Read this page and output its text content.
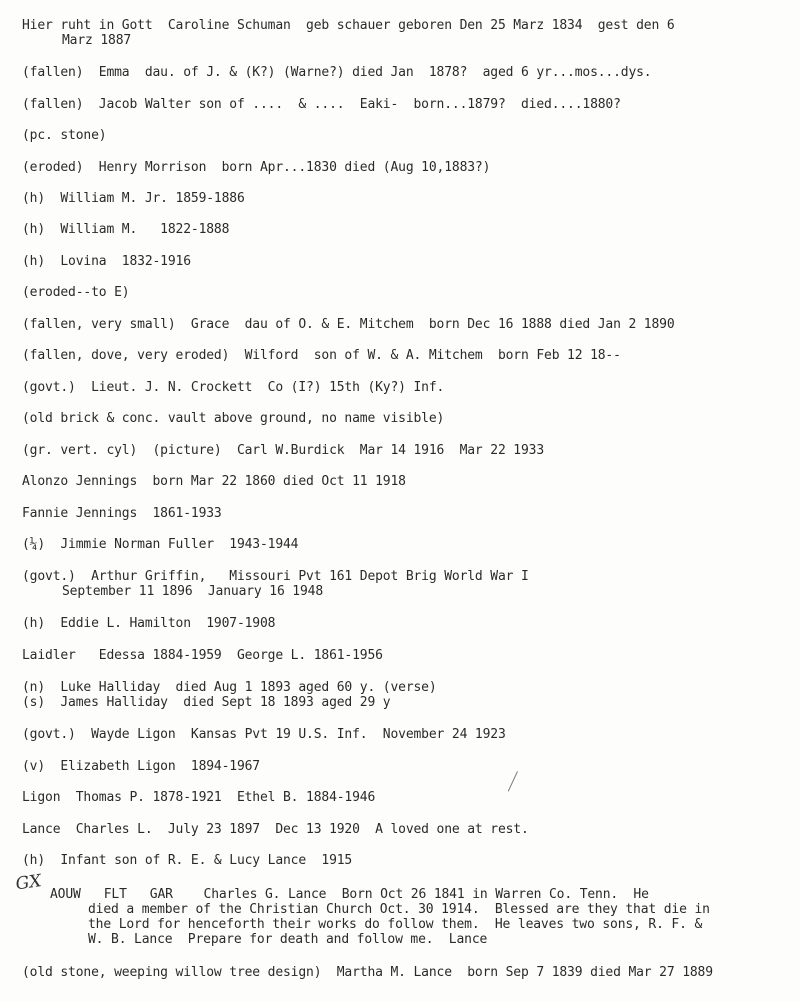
Hier ruht in Gott  Caroline Schuman  geb schauer geboren Den 25 Marz 1834  gest den 6
Marz 1887
(fallen)  Emma  dau. of J. & (K?) (Warne?) died Jan  1878?  aged 6 yr...mos...dys.
(fallen)  Jacob Walter son of ....  & ....  Eaki-  born...1879?  died....1880?
(pc. stone)
(eroded)  Henry Morrison  born Apr...1830 died (Aug 10,1883?)
(h)  William M. Jr. 1859-1886
(h)  William M.   1822-1888
(h)  Lovina  1832-1916
(eroded--to E)
(fallen, very small)  Grace  dau of O. & E. Mitchem  born Dec 16 1888 died Jan 2 1890
(fallen, dove, very eroded)  Wilford  son of W. & A. Mitchem  born Feb 12 18--
(govt.)  Lieut. J. N. Crockett  Co (I?) 15th (Ky?) Inf.
(old brick & conc. vault above ground, no name visible)
(gr. vert. cyl)  (picture)  Carl W.Burdick  Mar 14 1916  Mar 22 1933
Alonzo Jennings  born Mar 22 1860 died Oct 11 1918
Fannie Jennings  1861-1933
(¼)  Jimmie Norman Fuller  1943-1944
(govt.)  Arthur Griffin,   Missouri Pvt 161 Depot Brig World War I
September 11 1896  January 16 1948
(h)  Eddie L. Hamilton  1907-1908
Laidler   Edessa 1884-1959  George L. 1861-1956
(n)  Luke Halliday  died Aug 1 1893 aged 60 y. (verse)
(s)  James Halliday  died Sept 18 1893 aged 29 y
(govt.)  Wayde Ligon  Kansas Pvt 19 U.S. Inf.  November 24 1923
(v)  Elizabeth Ligon  1894-1967
Ligon  Thomas P. 1878-1921  Ethel B. 1884-1946
Lance  Charles L.  July 23 1897  Dec 13 1920  A loved one at rest.
(h)  Infant son of R. E. & Lucy Lance  1915
GX
AOUW   FLT   GAR    Charles G. Lance  Born Oct 26 1841 in Warren Co. Tenn.  He
died a member of the Christian Church Oct. 30 1914.  Blessed are they that die in
the Lord for henceforth their works do follow them.  He leaves two sons, R. F. &
W. B. Lance  Prepare for death and follow me.  Lance
(old stone, weeping willow tree design)  Martha M. Lance  born Sep 7 1839 died Mar 27 1889
